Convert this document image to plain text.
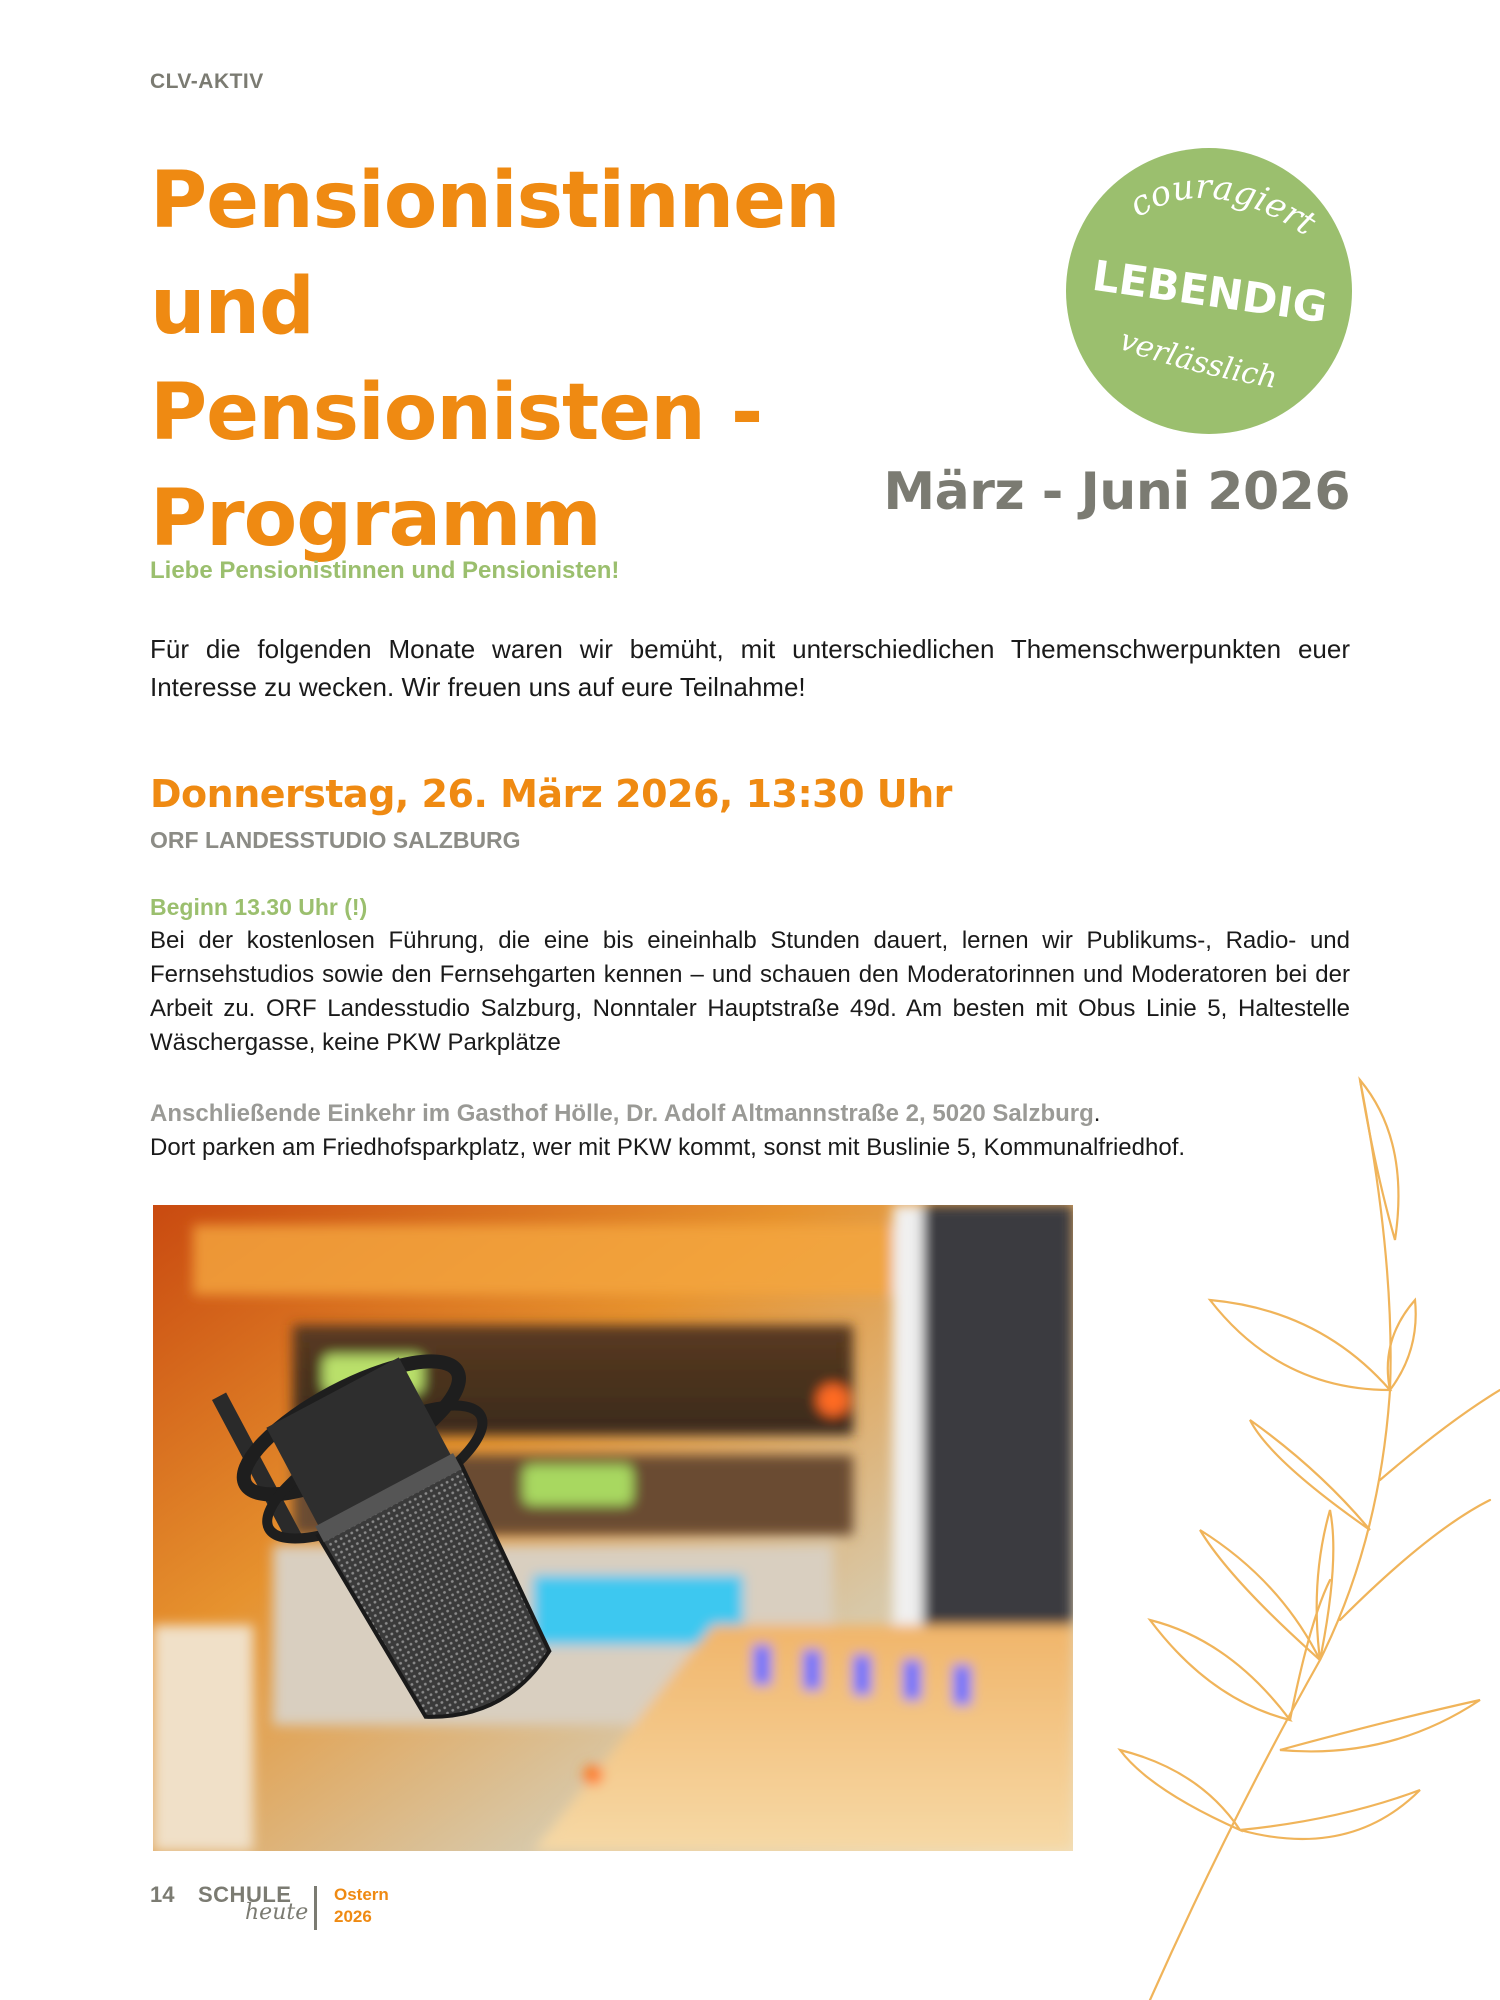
CLV-AKTIV
Pensionistinnen und
Pensionisten -
Programm
couragiert
LEBENDIG
verlässlich
März - Juni 2026
Liebe Pensionistinnen und Pensionisten!

Für die folgenden Monate waren wir bemüht, mit unterschiedlichen Themenschwerpunkten euer Interesse zu wecken. Wir freuen uns auf eure Teilnahme!

Donnerstag, 26. März 2026, 13:30 Uhr
ORF LANDESSTUDIO SALZBURG
Beginn 13.30 Uhr (!)

Bei der kostenlosen Führung, die eine bis eineinhalb Stunden dauert, lernen wir Publikums-, Radio- und Fernsehstudios sowie den Fernsehgarten kennen – und schauen den Moderatorinnen und Moderatoren bei der Arbeit zu. ORF Landesstudio Salzburg, Nonntaler Hauptstraße 49d. Am besten mit Obus Linie 5, Haltestelle Wäschergasse, keine PKW Parkplätze

Anschließende Einkehr im Gasthof Hölle, Dr. Adolf Altmannstraße 2, 5020 Salzburg.
Dort parken am Friedhofsparkplatz, wer mit PKW kommt, sonst mit Buslinie 5, Kommunalfriedhof.

14 SCHULE
heute
Ostern
2026
